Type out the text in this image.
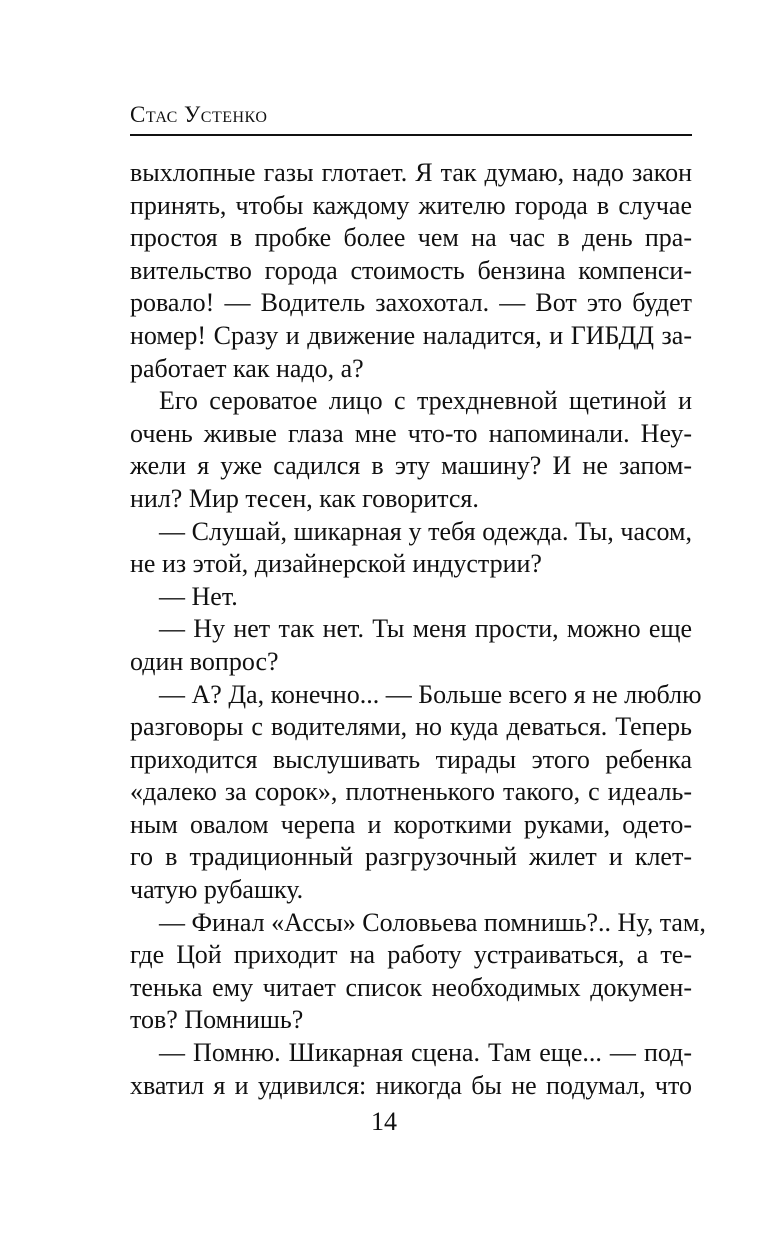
Стас Устенко
выхлопные газы глотает. Я так думаю, надо закон
принять, чтобы каждому жителю города в случае
простоя в пробке более чем на час в день пра-
вительство города стоимость бензина компенси-
ровало! — Водитель захохотал. — Вот это будет
номер! Сразу и движение наладится, и ГИБДД за-
работает как надо, а?
Его сероватое лицо с трехдневной щетиной и
очень живые глаза мне что-то напоминали. Неу-
жели я уже садился в эту машину? И не запом-
нил? Мир тесен, как говорится.
— Слушай, шикарная у тебя одежда. Ты, часом,
не из этой, дизайнерской индустрии?
— Нет.
— Ну нет так нет. Ты меня прости, можно еще
один вопрос?
— А? Да, конечно... — Больше всего я не люблю
разговоры с водителями, но куда деваться. Теперь
приходится выслушивать тирады этого ребенка
«далеко за сорок», плотненького такого, с идеаль-
ным овалом черепа и короткими руками, одето-
го в традиционный разгрузочный жилет и клет-
чатую рубашку.
— Финал «Ассы» Соловьева помнишь?.. Ну, там,
где Цой приходит на работу устраиваться, а те-
тенька ему читает список необходимых докумен-
тов? Помнишь?
— Помню. Шикарная сцена. Там еще... — под-
хватил я и удивился: никогда бы не подумал, что
14
